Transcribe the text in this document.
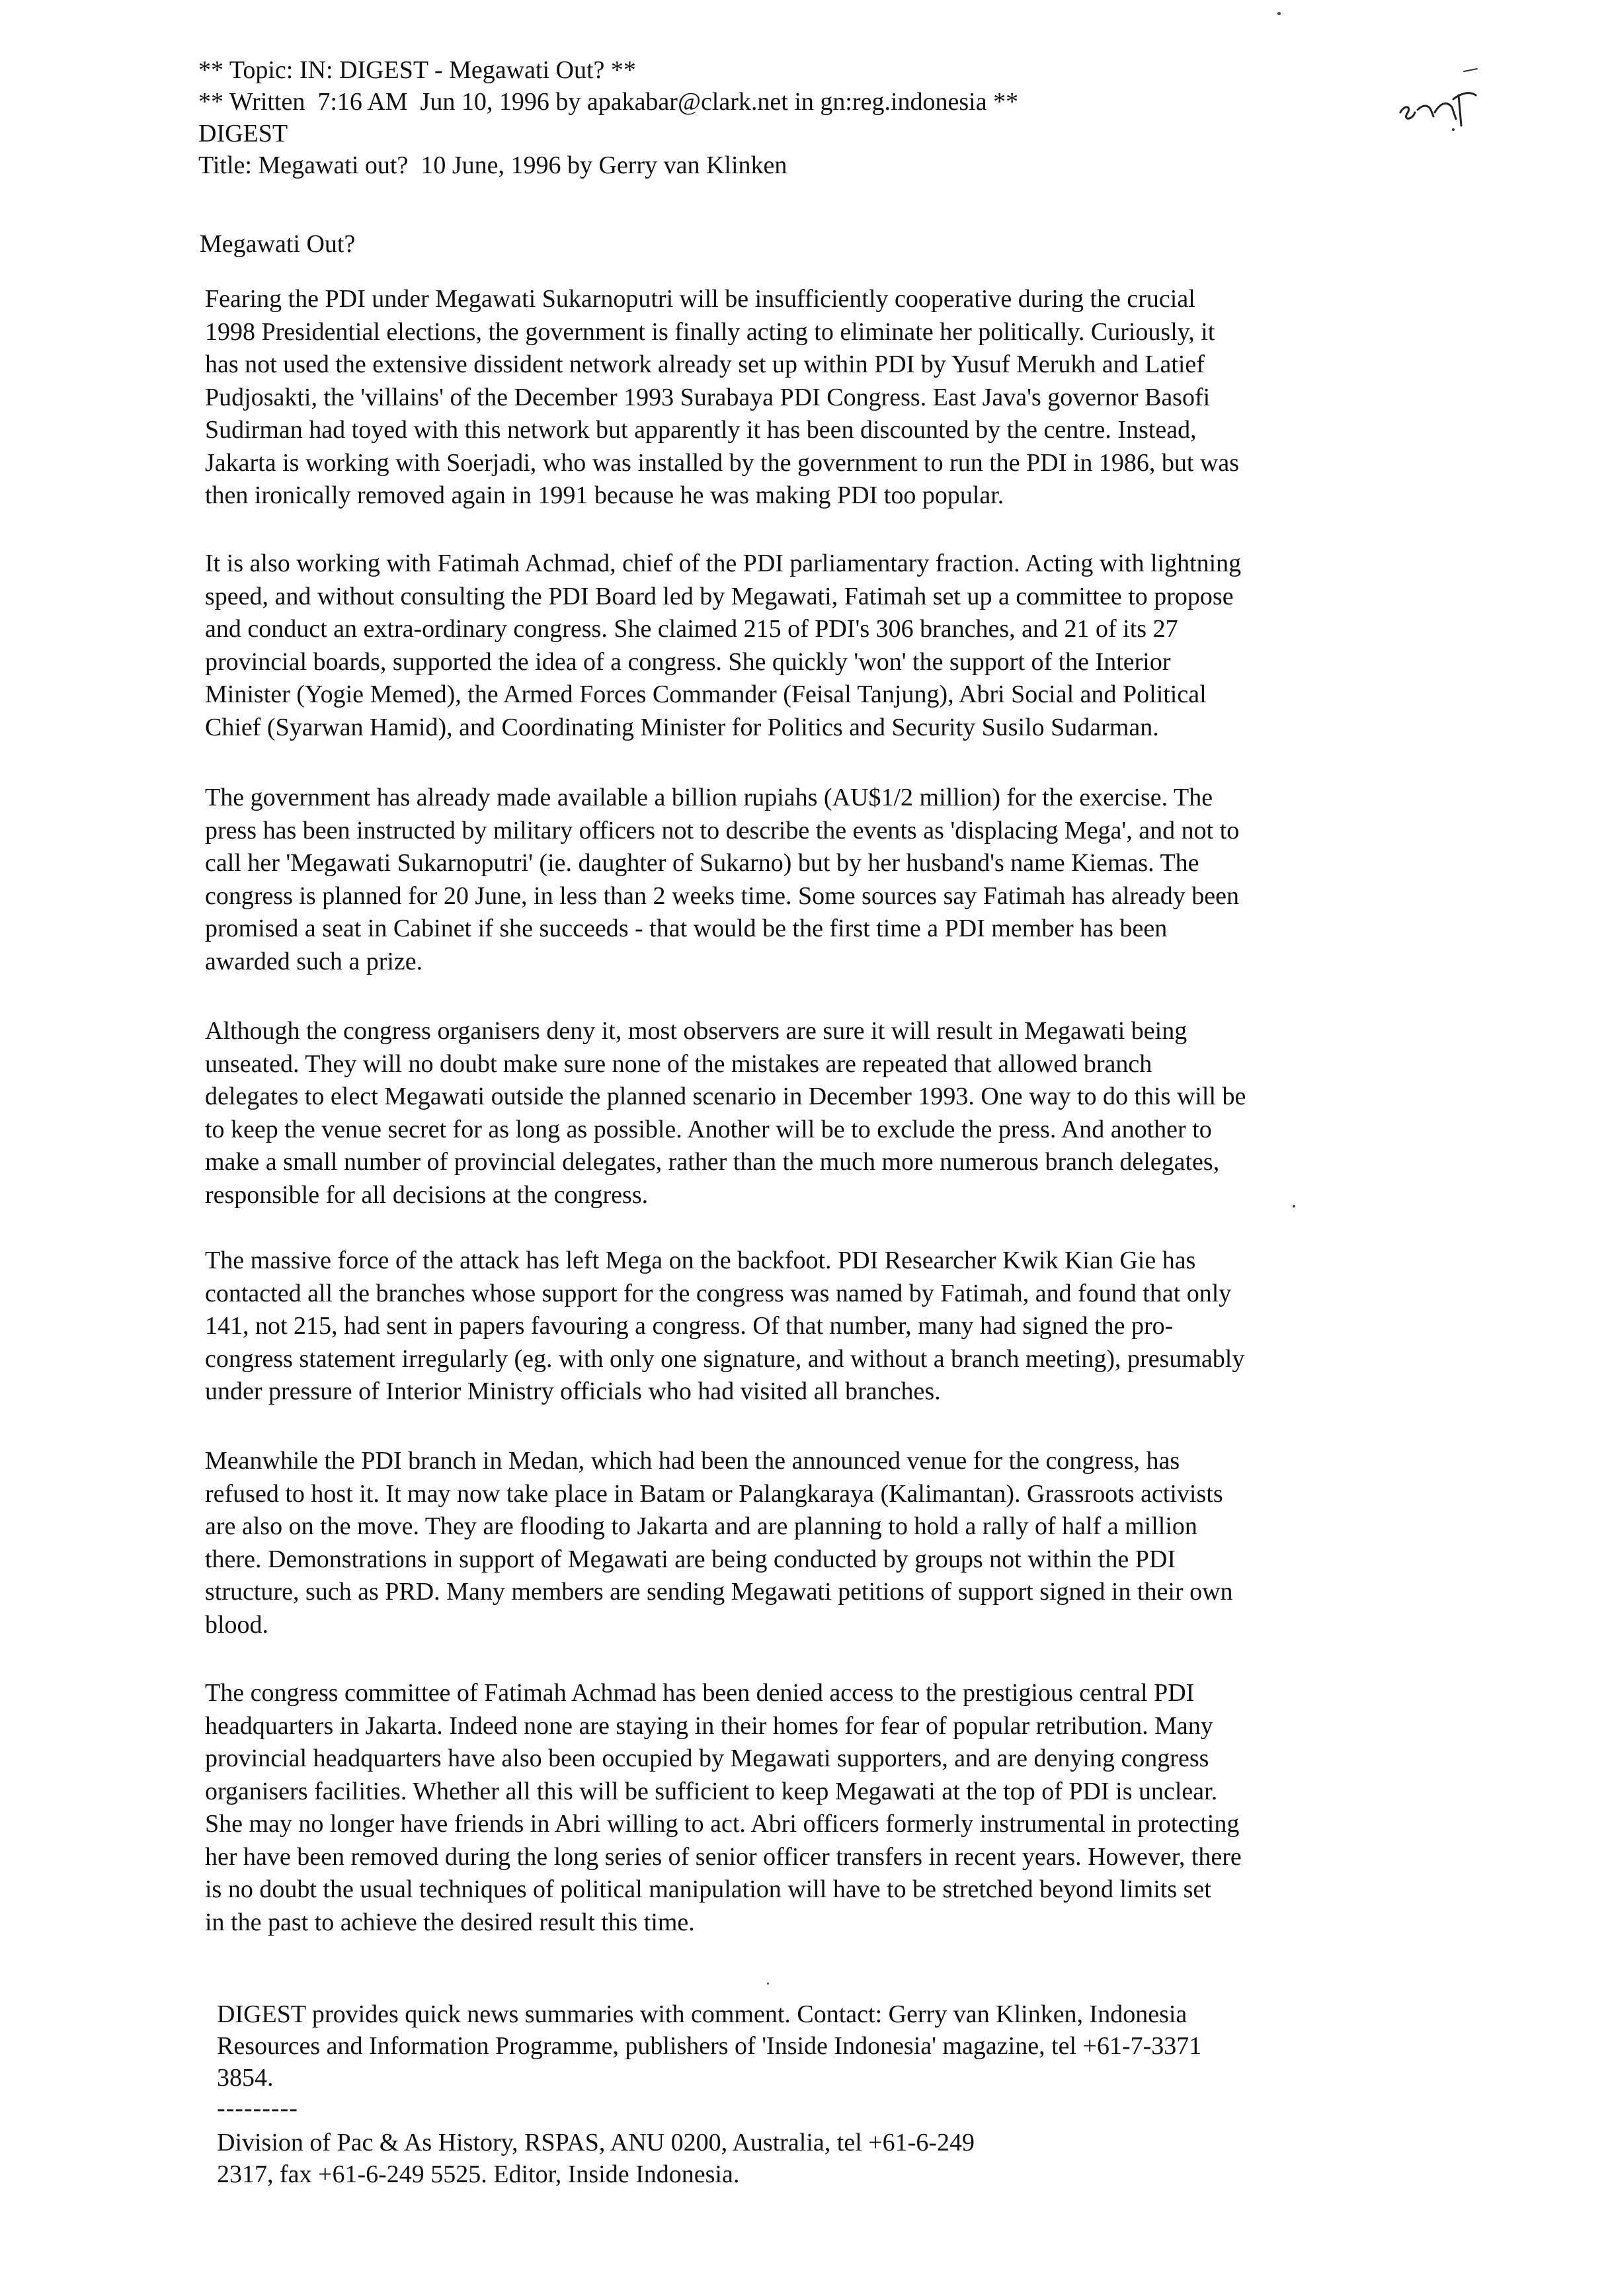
** Topic: IN: DIGEST - Megawati Out? **
** Written  7:16 AM  Jun 10, 1996 by apakabar@clark.net in gn:reg.indonesia **
DIGEST
Title: Megawati out?  10 June, 1996 by Gerry van Klinken
Megawati Out?
Fearing the PDI under Megawati Sukarnoputri will be insufficiently cooperative during the crucial
1998 Presidential elections, the government is finally acting to eliminate her politically. Curiously, it
has not used the extensive dissident network already set up within PDI by Yusuf Merukh and Latief
Pudjosakti, the 'villains' of the December 1993 Surabaya PDI Congress. East Java's governor Basofi
Sudirman had toyed with this network but apparently it has been discounted by the centre. Instead,
Jakarta is working with Soerjadi, who was installed by the government to run the PDI in 1986, but was
then ironically removed again in 1991 because he was making PDI too popular.
It is also working with Fatimah Achmad, chief of the PDI parliamentary fraction. Acting with lightning
speed, and without consulting the PDI Board led by Megawati, Fatimah set up a committee to propose
and conduct an extra-ordinary congress. She claimed 215 of PDI's 306 branches, and 21 of its 27
provincial boards, supported the idea of a congress. She quickly 'won' the support of the Interior
Minister (Yogie Memed), the Armed Forces Commander (Feisal Tanjung), Abri Social and Political
Chief (Syarwan Hamid), and Coordinating Minister for Politics and Security Susilo Sudarman.
The government has already made available a billion rupiahs (AU$1/2 million) for the exercise. The
press has been instructed by military officers not to describe the events as 'displacing Mega', and not to
call her 'Megawati Sukarnoputri' (ie. daughter of Sukarno) but by her husband's name Kiemas. The
congress is planned for 20 June, in less than 2 weeks time. Some sources say Fatimah has already been
promised a seat in Cabinet if she succeeds - that would be the first time a PDI member has been
awarded such a prize.
Although the congress organisers deny it, most observers are sure it will result in Megawati being
unseated. They will no doubt make sure none of the mistakes are repeated that allowed branch
delegates to elect Megawati outside the planned scenario in December 1993. One way to do this will be
to keep the venue secret for as long as possible. Another will be to exclude the press. And another to
make a small number of provincial delegates, rather than the much more numerous branch delegates,
responsible for all decisions at the congress.
The massive force of the attack has left Mega on the backfoot. PDI Researcher Kwik Kian Gie has
contacted all the branches whose support for the congress was named by Fatimah, and found that only
141, not 215, had sent in papers favouring a congress. Of that number, many had signed the pro-
congress statement irregularly (eg. with only one signature, and without a branch meeting), presumably
under pressure of Interior Ministry officials who had visited all branches.
Meanwhile the PDI branch in Medan, which had been the announced venue for the congress, has
refused to host it. It may now take place in Batam or Palangkaraya (Kalimantan). Grassroots activists
are also on the move. They are flooding to Jakarta and are planning to hold a rally of half a million
there. Demonstrations in support of Megawati are being conducted by groups not within the PDI
structure, such as PRD. Many members are sending Megawati petitions of support signed in their own
blood.
The congress committee of Fatimah Achmad has been denied access to the prestigious central PDI
headquarters in Jakarta. Indeed none are staying in their homes for fear of popular retribution. Many
provincial headquarters have also been occupied by Megawati supporters, and are denying congress
organisers facilities. Whether all this will be sufficient to keep Megawati at the top of PDI is unclear.
She may no longer have friends in Abri willing to act. Abri officers formerly instrumental in protecting
her have been removed during the long series of senior officer transfers in recent years. However, there
is no doubt the usual techniques of political manipulation will have to be stretched beyond limits set
in the past to achieve the desired result this time.
DIGEST provides quick news summaries with comment. Contact: Gerry van Klinken, Indonesia
Resources and Information Programme, publishers of 'Inside Indonesia' magazine, tel +61-7-3371
3854.
---------
Division of Pac & As History, RSPAS, ANU 0200, Australia, tel +61-6-249
2317, fax +61-6-249 5525. Editor, Inside Indonesia.
